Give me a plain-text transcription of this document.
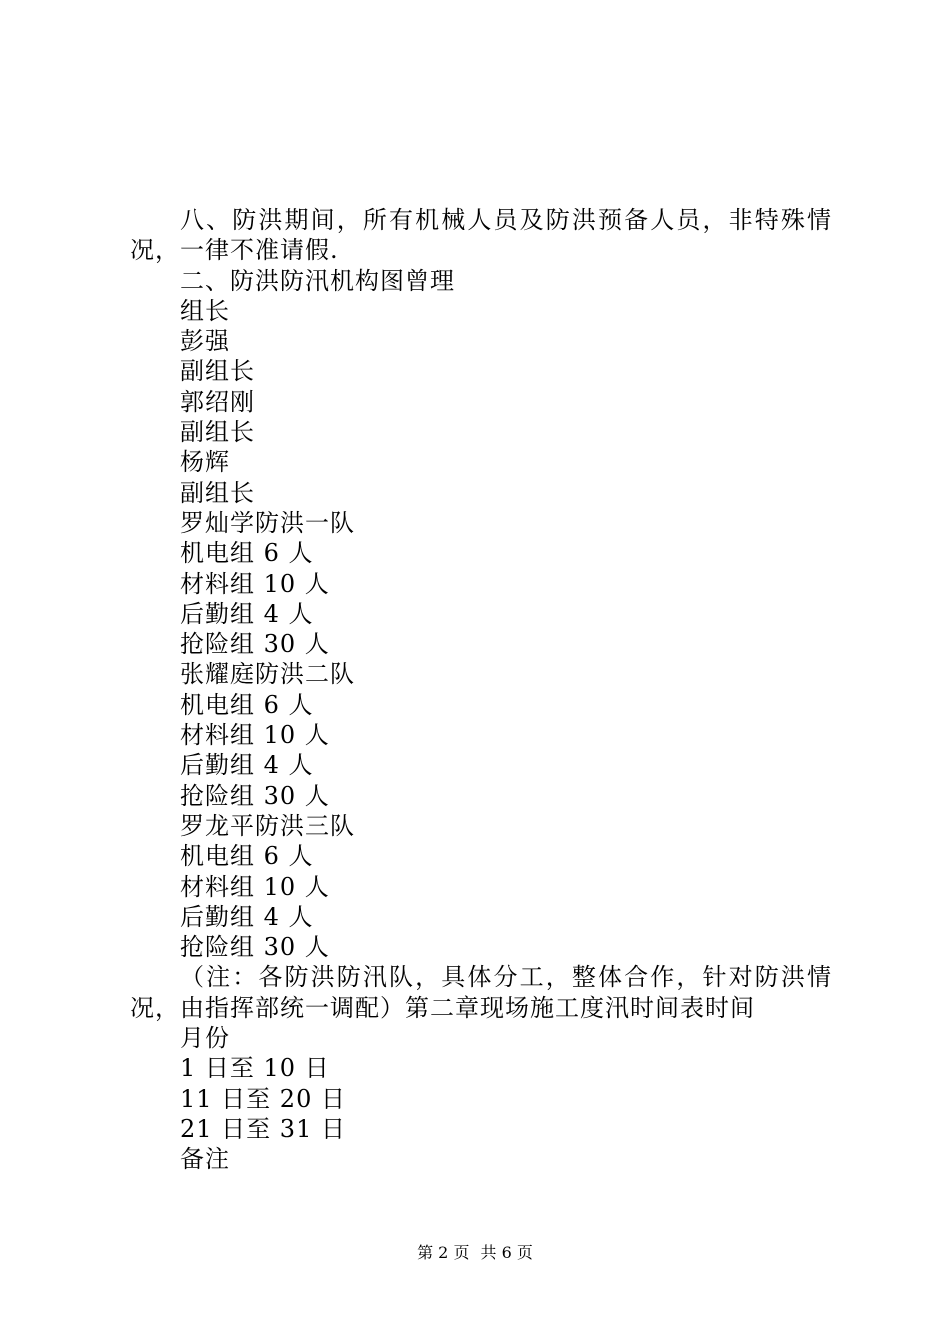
八、防洪期间，所有机械人员及防洪预备人员，非特殊情况，一律不准请假.

二、防洪防汛机构图曾理

组长

彭强

副组长

郭绍刚

副组长

杨辉

副组长

罗灿学防洪一队

机电组 6 人

材料组 10 人

后勤组 4 人

抢险组 30 人

张耀庭防洪二队

机电组 6 人

材料组 10 人

后勤组 4 人

抢险组 30 人

罗龙平防洪三队

机电组 6 人

材料组 10 人

后勤组 4 人

抢险组 30 人

（注：各防洪防汛队，具体分工，整体合作，针对防洪情况，由指挥部统一调配）第二章现场施工度汛时间表时间

月份

1 日至 10 日

11 日至 20 日

21 日至 31 日

备注

第 2 页 共 6 页
